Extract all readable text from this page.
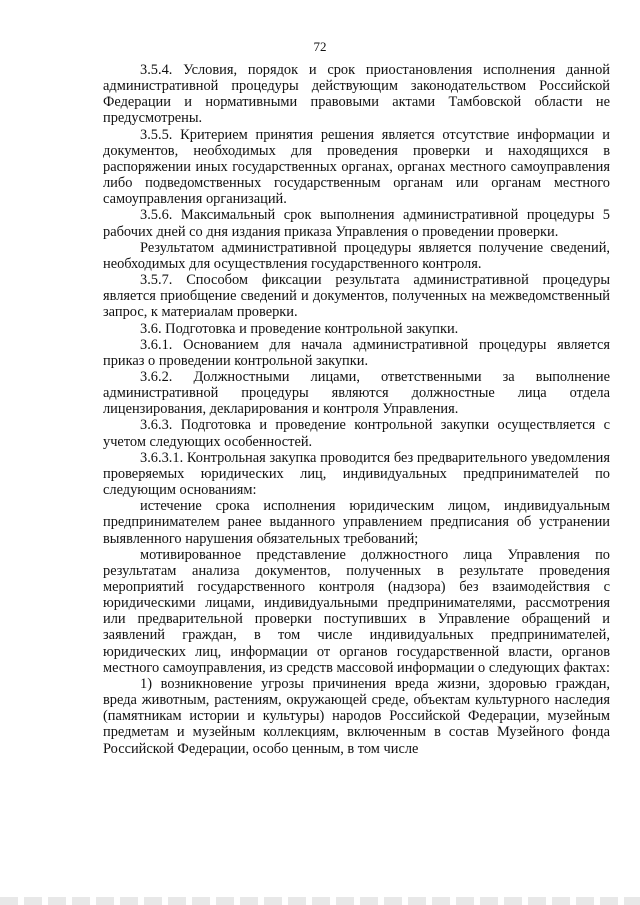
72

3.5.4. Условия, порядок и срок приостановления исполнения данной административной процедуры действующим законодательством Российской Федерации и нормативными правовыми актами Тамбовской области не предусмотрены.

3.5.5. Критерием принятия решения является отсутствие информации и документов, необходимых для проведения проверки и находящихся в распоряжении иных государственных органах, органах местного самоуправления либо подведомственных государственным органам или органам местного самоуправления организаций.

3.5.6. Максимальный срок выполнения административной процедуры 5 рабочих дней со дня издания приказа Управления о проведении проверки.

Результатом административной процедуры является получение сведений, необходимых для осуществления государственного контроля.

3.5.7. Способом фиксации результата административной процедуры является приобщение сведений и документов, полученных на межведомственный запрос, к материалам проверки.

3.6. Подготовка и проведение контрольной закупки.

3.6.1. Основанием для начала административной процедуры является приказ о проведении контрольной закупки.

3.6.2. Должностными лицами, ответственными за выполнение административной процедуры являются должностные лица отдела лицензирования, декларирования и контроля Управления.

3.6.3. Подготовка и проведение контрольной закупки осуществляется с учетом следующих особенностей.

3.6.3.1. Контрольная закупка проводится без предварительного уведомления проверяемых юридических лиц, индивидуальных предпринимателей по следующим основаниям:

истечение срока исполнения юридическим лицом, индивидуальным предпринимателем ранее выданного управлением предписания об устранении выявленного нарушения обязательных требований;

мотивированное представление должностного лица Управления по результатам анализа документов, полученных в результате проведения мероприятий государственного контроля (надзора) без взаимодействия с юридическими лицами, индивидуальными предпринимателями, рассмотрения или предварительной проверки поступивших в Управление обращений и заявлений граждан, в том числе индивидуальных предпринимателей, юридических лиц, информации от органов государственной власти, органов местного самоуправления, из средств массовой информации о следующих фактах:

1) возникновение угрозы причинения вреда жизни, здоровью граждан, вреда животным, растениям, окружающей среде, объектам культурного наследия (памятникам истории и культуры) народов Российской Федерации, музейным предметам и музейным коллекциям, включенным в состав Музейного фонда Российской Федерации, особо ценным, в том числе
